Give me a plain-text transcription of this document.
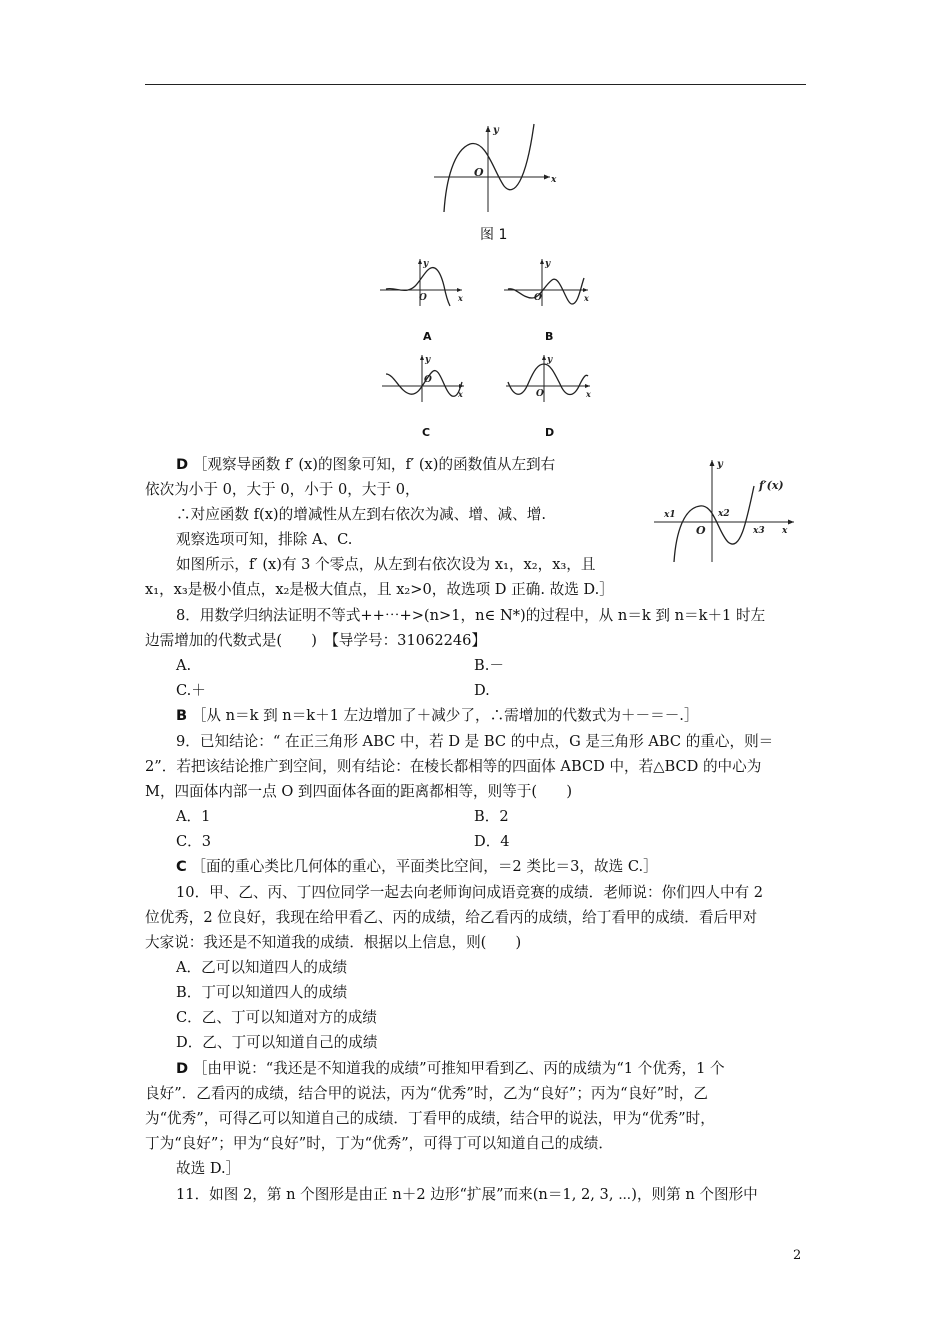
y
x
O
图 1
y
x
O
y
x
O
A	B
y
x
O
y
x
O
C	D
y
f′(x)
x1	x2
x3 x
O
D ［观察导函数 f′ (x)的图象可知，f′ (x)的函数值从左到右
依次为小于 0，大于 0，小于 0，大于 0，
∴对应函数 f(x)的增减性从左到右依次为减、增、减、增.
观察选项可知，排除 A、C.
如图所示，f′ (x)有 3 个零点，从左到右依次设为 x₁，x₂，x₃，且
x₁，x₃是极小值点，x₂是极大值点，且 x₂>0，故选项 D 正确. 故选 D.］
8．用数学归纳法证明不等式++⋯+>(n>1，n∈ N*)的过程中，从 n＝k 到 n＝k＋1 时左
边需增加的代数式是(　　)　【导学号：31062246】
A.	B.－
C.＋	D.
B ［从 n＝k 到 n＝k＋1 左边增加了＋减少了，∴需增加的代数式为＋－＝－.］
9．已知结论：“ 在正三角形 ABC 中，若 D 是 BC 的中点，G 是三角形 ABC 的重心，则＝
2”．若把该结论推广到空间，则有结论：在棱长都相等的四面体 ABCD 中，若△BCD 的中心为
M，四面体内部一点 O 到四面体各面的距离都相等，则等于(　　)
A．1	B．2
C．3	D．4
C ［面的重心类比几何体的重心，平面类比空间，＝2 类比＝3，故选 C.］
10．甲、乙、丙、丁四位同学一起去向老师询问成语竞赛的成绩．老师说：你们四人中有 2
位优秀，2 位良好，我现在给甲看乙、丙的成绩，给乙看丙的成绩，给丁看甲的成绩．看后甲对
大家说：我还是不知道我的成绩．根据以上信息，则(　　)
A．乙可以知道四人的成绩
B．丁可以知道四人的成绩
C．乙、丁可以知道对方的成绩
D．乙、丁可以知道自己的成绩
D ［由甲说：“我还是不知道我的成绩”可推知甲看到乙、丙的成绩为“1 个优秀，1 个
良好”．乙看丙的成绩，结合甲的说法，丙为“优秀”时，乙为“良好”；丙为“良好”时，乙
为“优秀”，可得乙可以知道自己的成绩．丁看甲的成绩，结合甲的说法，甲为“优秀”时，
丁为“良好”；甲为“良好”时，丁为“优秀”，可得丁可以知道自己的成绩．
故选 D.］
11．如图 2，第 n 个图形是由正 n＋2 边形“扩展”而来(n＝1, 2, 3, ⋯)，则第 n 个图形中
2
